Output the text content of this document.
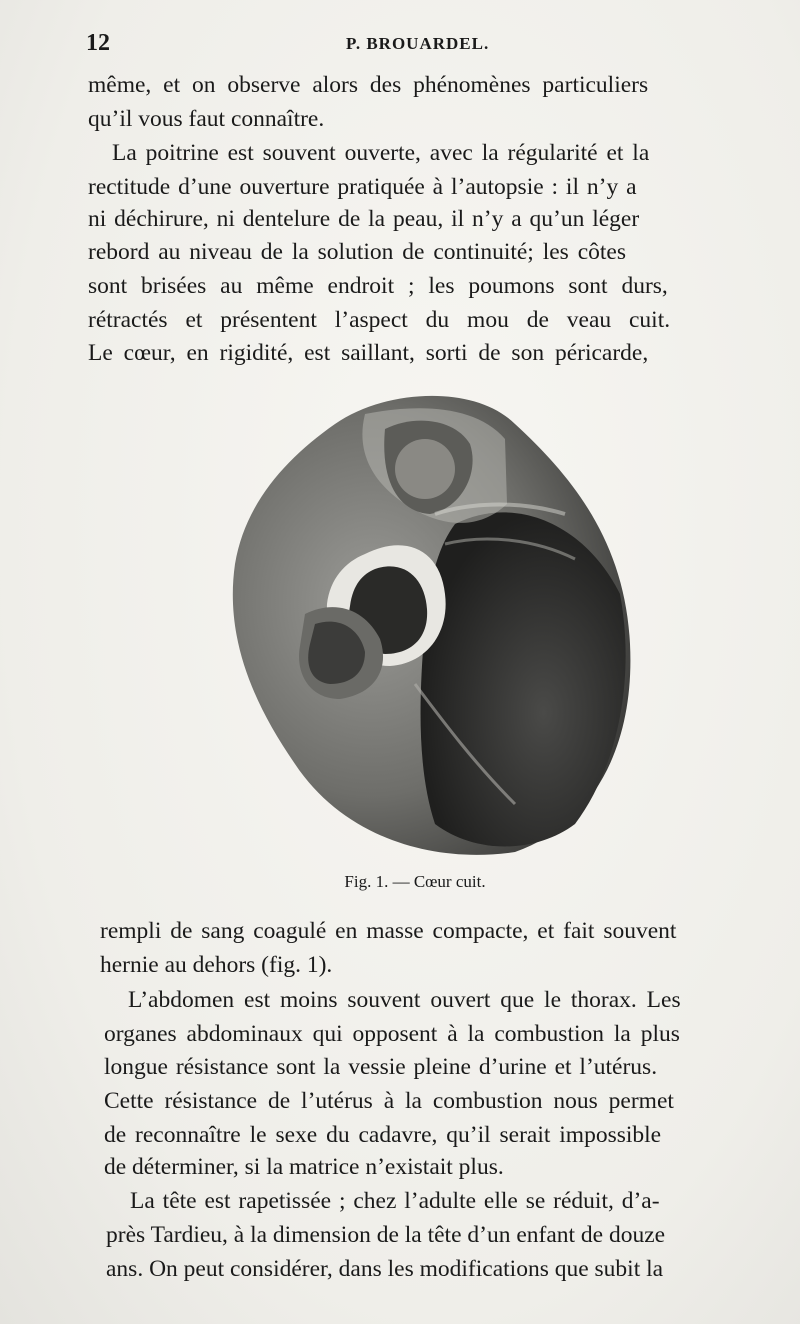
12	P. BROUARDEL.
même, et on observe alors des phénomènes particuliers
qu’il vous faut connaître.
La poitrine est souvent ouverte, avec la régularité et la
rectitude d’une ouverture pratiquée à l’autopsie : il n’y a
ni déchirure, ni dentelure de la peau, il n’y a qu’un léger
rebord au niveau de la solution de continuité; les côtes
sont brisées au même endroit ; les poumons sont durs,
rétractés et présentent l’aspect du mou de veau cuit.
Le cœur, en rigidité, est saillant, sorti de son péricarde,
Fig. 1. — Cœur cuit.
rempli de sang coagulé en masse compacte, et fait souvent
hernie au dehors (fig. 1).
L’abdomen est moins souvent ouvert que le thorax. Les
organes abdominaux qui opposent à la combustion la plus
longue résistance sont la vessie pleine d’urine et l’utérus.
Cette résistance de l’utérus à la combustion nous permet
de reconnaître le sexe du cadavre, qu’il serait impossible
de déterminer, si la matrice n’existait plus.
La tête est rapetissée ; chez l’adulte elle se réduit, d’a-
près Tardieu, à la dimension de la tête d’un enfant de douze
ans. On peut considérer, dans les modifications que subit la
